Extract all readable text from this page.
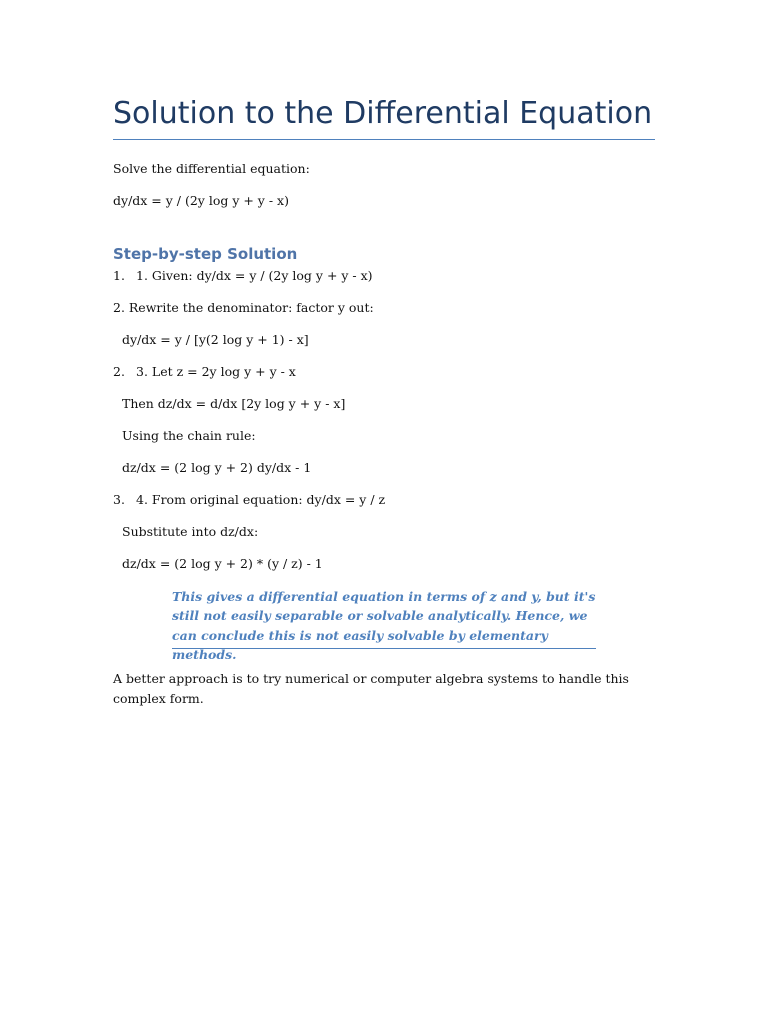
Solution to the Differential Equation
Solve the differential equation:
dy/dx = y / (2y log y + y - x)
Step-by-step Solution
1. 1. Given: dy/dx = y / (2y log y + y - x)
2. Rewrite the denominator: factor y out:
dy/dx = y / [y(2 log y + 1) - x]
2. 3. Let z = 2y log y + y - x
Then dz/dx = d/dx [2y log y + y - x]
Using the chain rule:
dz/dx = (2 log y + 2) dy/dx - 1
3. 4. From original equation: dy/dx = y / z
Substitute into dz/dx:
dz/dx = (2 log y + 2) * (y / z) - 1
This gives a differential equation in terms of z and y, but it's still not easily separable or solvable analytically. Hence, we can conclude this is not easily solvable by elementary methods.
A better approach is to try numerical or computer algebra systems to handle this complex form.
